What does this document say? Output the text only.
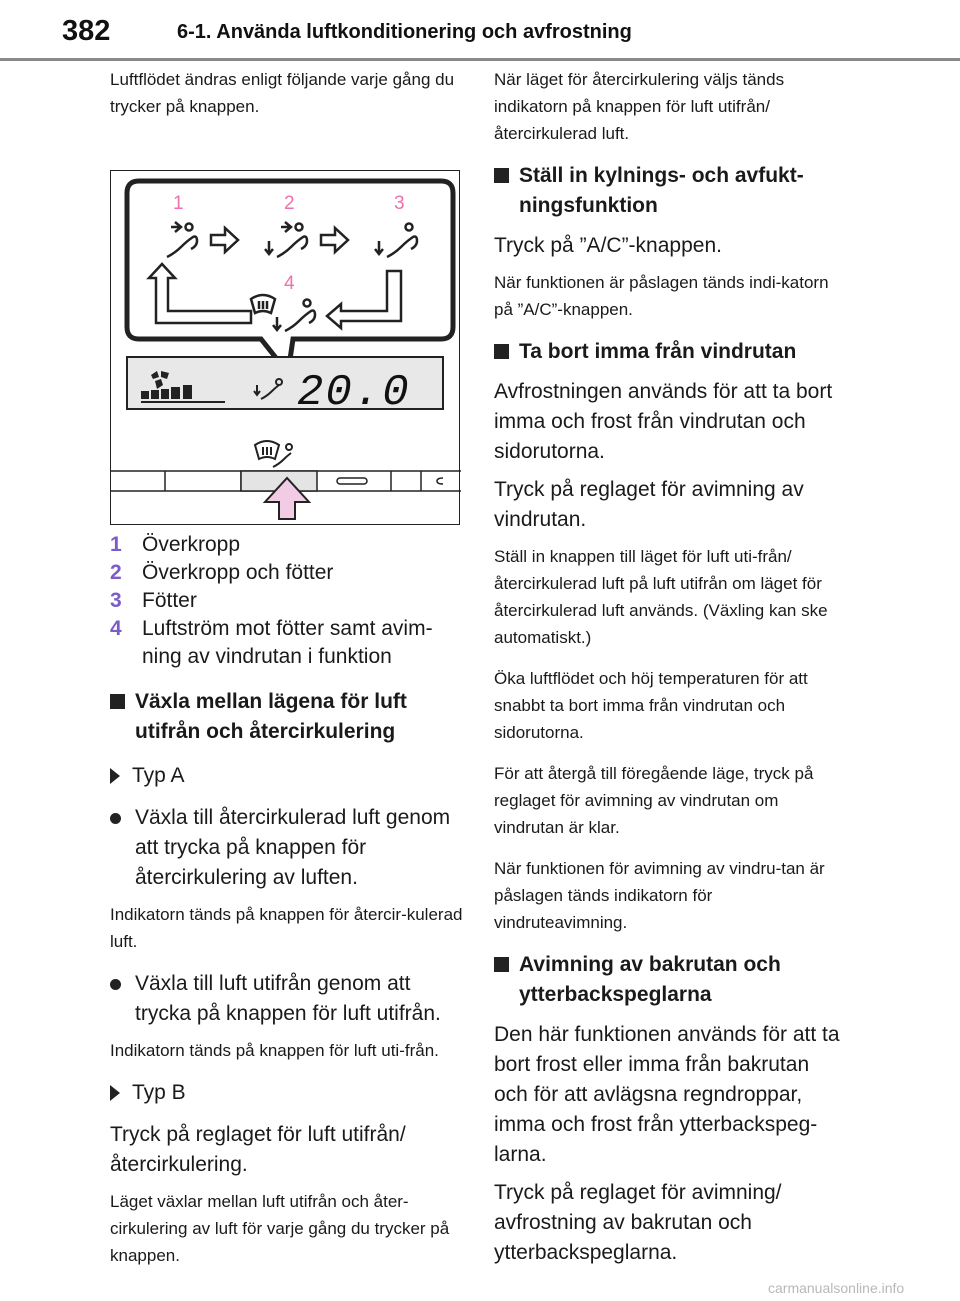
382	6-1. Använda luftkonditionering och avfrostning

Luftflödet ändras enligt följande varje gång du trycker på knappen.

1	2	3
4
20.0
1 Överkropp
2 Överkropp och fötter
3 Fötter
4 Luftström mot fötter samt avim-ning av vindrutan i funktion
Växla mellan lägena för luft utifrån och återcirkulering
Typ A
Växla till återcirkulerad luft genom att trycka på knappen för återcirkulering av luften.

Indikatorn tänds på knappen för återcir-kulerad luft.

Växla till luft utifrån genom att trycka på knappen för luft utifrån.

Indikatorn tänds på knappen för luft uti-från.

Typ B

Tryck på reglaget för luft utifrån/ återcirkulering.

Läget växlar mellan luft utifrån och åter-cirkulering av luft för varje gång du trycker på knappen.

När läget för återcirkulering väljs tänds indikatorn på knappen för luft utifrån/ återcirkulerad luft.

Ställ in kylnings- och avfukt-ningsfunktion

Tryck på ”A/C”-knappen.

När funktionen är påslagen tänds indi-katorn på ”A/C”-knappen.

Ta bort imma från vindrutan

Avfrostningen används för att ta bort imma och frost från vindrutan och sidorutorna.

Tryck på reglaget för avimning av vindrutan.

Ställ in knappen till läget för luft uti-från/återcirkulerad luft på luft utifrån om läget för återcirkulerad luft används. (Växling kan ske automatiskt.)

Öka luftflödet och höj temperaturen för att snabbt ta bort imma från vindrutan och sidorutorna.

För att återgå till föregående läge, tryck på reglaget för avimning av vindrutan om vindrutan är klar.

När funktionen för avimning av vindru-tan är påslagen tänds indikatorn för vindruteavimning.

Avimning av bakrutan och ytterbackspeglarna

Den här funktionen används för att ta bort frost eller imma från bakrutan och för att avlägsna regndroppar, imma och frost från ytterbackspeg-larna.

Tryck på reglaget för avimning/ avfrostning av bakrutan och ytterbackspeglarna.

carmanualsonline.info
